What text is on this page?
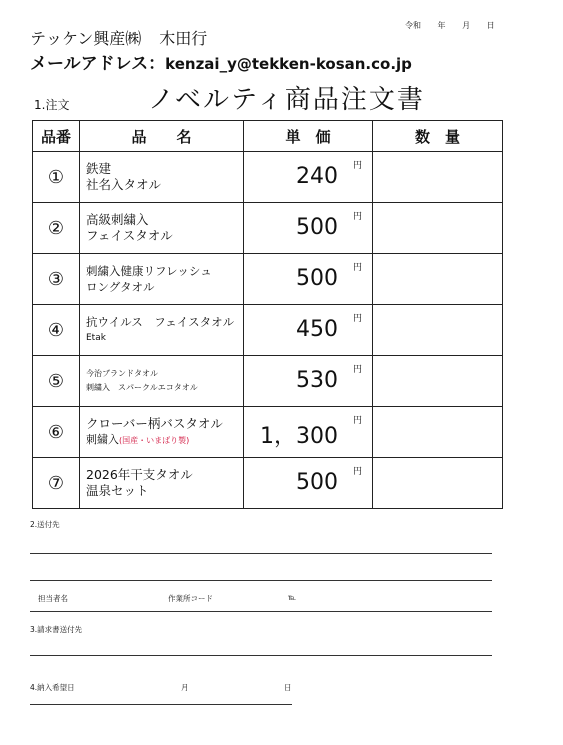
テッケン興産㈱ 木田行
令和 年 月 日
メールアドレス：kenzai_y@tekken-kosan.co.jp
1.注文	ノベルティ商品注文書
品番	品　　名	単　価	数　量
①	鉄建
社名入タオル	240 円	

②	高級刺繍入
フェイスタオル	500 円	

③	刺繍入健康リフレッシュ
ロングタオル	500 円	

④	抗ウイルス　フェイスタオル
Etak	450 円	

⑤	今治ブランドタオル
刺繍入　スパークルエコタオル	530 円	

⑥	クローバー柄バスタオル
刺繍入(国産・いまばり製)	1，300
円	

⑦	2026年干支タオル
温泉セット	500 円	

2.送付先
担当者名	作業所コード	℡
3.請求書送付先
4.納入希望日	月	日
